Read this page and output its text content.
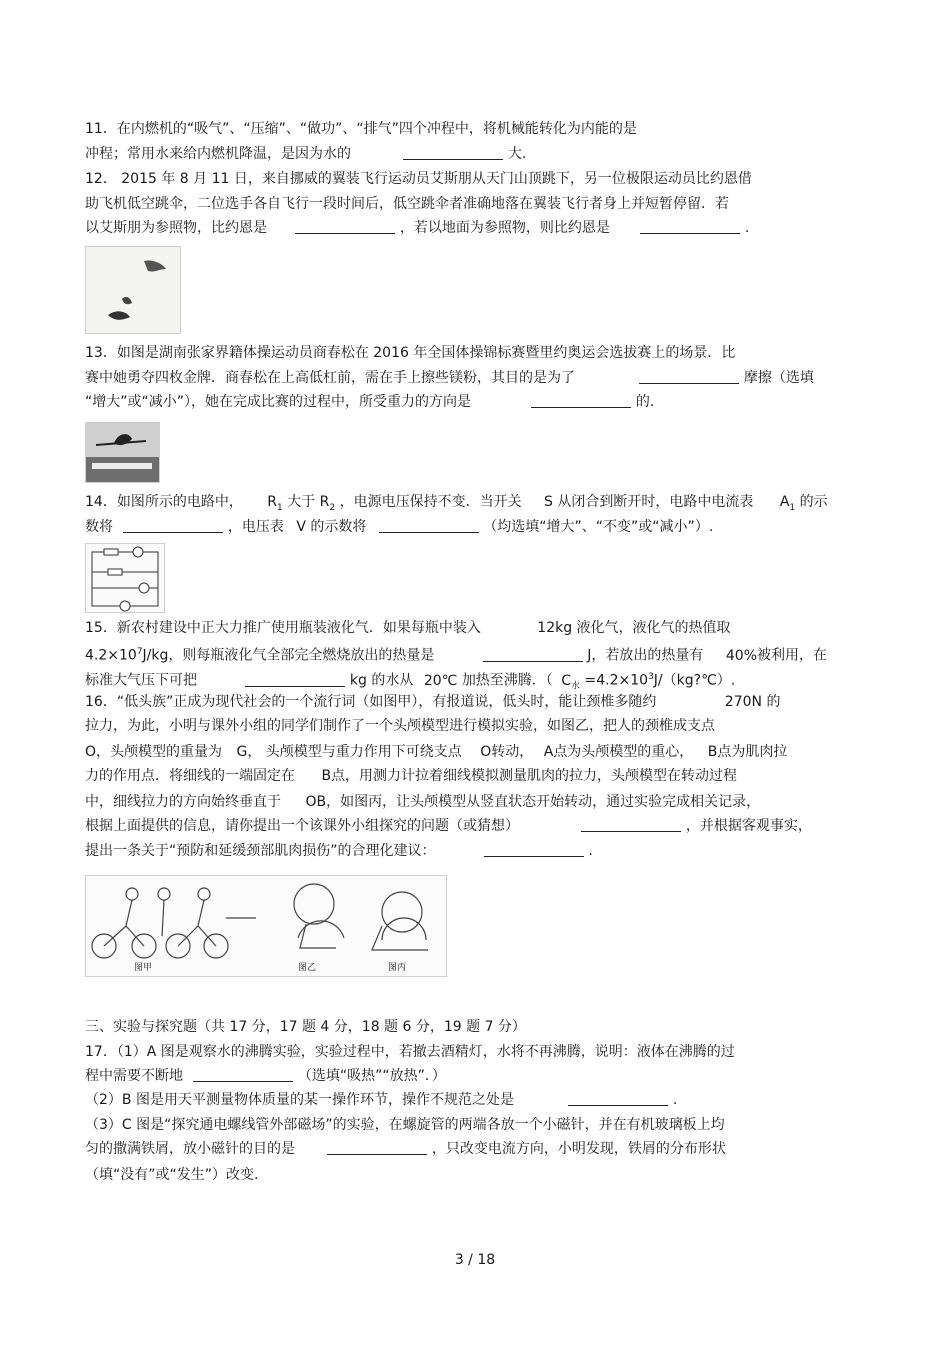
11．在内燃机的“吸气”、“压缩”、“做功”、“排气”四个冲程中，将机械能转化为内能的是
冲程；常用水来给内燃机降温，是因为水的	大.
12． 2015 年 8 月 11 日，来自挪威的翼装飞行运动员艾斯朋从天门山顶跳下，另一位极限运动员比约恩借
助飞机低空跳伞，二位选手各自飞行一段时间后，低空跳伞者准确地落在翼装飞行者身上并短暂停留．若
以艾斯朋为参照物，比约恩是	，若以地面为参照物，则比约恩是	.
13．如图是湖南张家界籍体操运动员商春松在 2016 年全国体操锦标赛暨里约奥运会选拔赛上的场景．比
赛中她勇夺四枚金牌．商春松在上高低杠前，需在手上擦些镁粉，其目的是为了	摩擦（选填
“增大”或“减小”），她在完成比赛的过程中，所受重力的方向是	的.
14．如图所示的电路中， $R_1$ 大于 $R_2$ ，电源电压保持不变．当开关 S 从闭合到断开时，电路中电流表 $A_1$ 的示
数将	，电压表 V 的示数将	（均选填“增大”、“不变”或“减小”）.
15．新农村建设中正大力推广使用瓶装液化气．如果每瓶中装入	12kg 液化气，液化气的热值取
$4.2\times 10^7J/kg$，则每瓶液化气全部完全燃烧放出的热量是	J，若放出的热量有 40%被利用，在
标准大气压下可把	kg 的水从 20℃ 加热至沸腾．（ $C_水$ $=4.2\times 10^3J/(kg?℃)$.
16．“低头族”正成为现代社会的一个流行词（如图甲），有报道说，低头时，能让颈椎多随约	270N 的
拉力，为此，小明与课外小组的同学们制作了一个头颅模型进行模拟实验，如图乙，把人的颈椎成支点
O，头颅模型的重量为 G， 头颅模型与重力作用下可绕支点 O转动， A点为头颅模型的重心， B点为肌肉拉
力的作用点．将细线的一端固定在 B点，用测力计拉着细线模拟测量肌肉的拉力，头颅模型在转动过程
中，细线拉力的方向始终垂直于 OB，如图丙，让头颅模型从竖直状态开始转动，通过实验完成相关记录，
根据上面提供的信息，请你提出一个该课外小组探究的问题（或猜想）	，并根据客观事实，
提出一条关于“预防和延缓颈部肌肉损伤”的合理化建议：	.
图甲	图乙	图丙
三、实验与探究题（共 17 分，17 题 4 分，18 题 6 分，19 题 7 分）
17．（1）A 图是观察水的沸腾实验，实验过程中，若撤去酒精灯，水将不再沸腾，说明：液体在沸腾的过
程中需要不断地	（选填“吸热”“放热”．）
（2）B 图是用天平测量物体质量的某一操作环节，操作不规范之处是	.
（3）C 图是“探究通电螺线管外部磁场”的实验，在螺旋管的两端各放一个小磁针，并在有机玻璃板上均
匀的撒满铁屑，放小磁针的目的是	，只改变电流方向，小明发现，铁屑的分布形状
（填“没有”或“发生”）改变.
3 / 18
